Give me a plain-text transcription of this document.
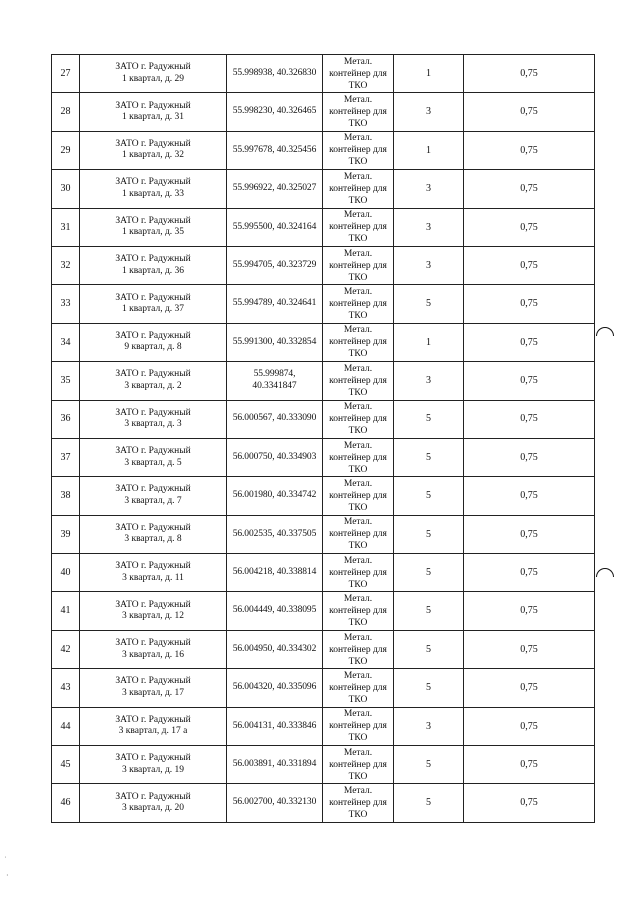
27	ЗАТО г. Радужный
1 квартал, д. 29	55.998938, 40.326830	Метал.
контейнер для
ТКО	1	0,75
28	ЗАТО г. Радужный
1 квартал, д. 31	55.998230, 40.326465	Метал.
контейнер для
ТКО	3	0,75
29	ЗАТО г. Радужный
1 квартал, д. 32	55.997678, 40.325456	Метал.
контейнер для
ТКО	1	0,75
30	ЗАТО г. Радужный
1 квартал, д. 33	55.996922, 40.325027	Метал.
контейнер для
ТКО	3	0,75
31	ЗАТО г. Радужный
1 квартал, д. 35	55.995500, 40.324164	Метал.
контейнер для
ТКО	3	0,75
32	ЗАТО г. Радужный
1 квартал, д. 36	55.994705, 40.323729	Метал.
контейнер для
ТКО	3	0,75
33	ЗАТО г. Радужный
1 квартал, д. 37	55.994789, 40.324641	Метал.
контейнер для
ТКО	5	0,75
34	ЗАТО г. Радужный
9 квартал, д. 8	55.991300, 40.332854	Метал.
контейнер для
ТКО	1	0,75
35	ЗАТО г. Радужный
3 квартал, д. 2	55.999874,
40.3341847	Метал.
контейнер для
ТКО	3	0,75
36	ЗАТО г. Радужный
3 квартал, д. 3	56.000567, 40.333090	Метал.
контейнер для
ТКО	5	0,75
37	ЗАТО г. Радужный
3 квартал, д. 5	56.000750, 40.334903	Метал.
контейнер для
ТКО	5	0,75
38	ЗАТО г. Радужный
3 квартал, д. 7	56.001980, 40.334742	Метал.
контейнер для
ТКО	5	0,75
39	ЗАТО г. Радужный
3 квартал, д. 8	56.002535, 40.337505	Метал.
контейнер для
ТКО	5	0,75
40	ЗАТО г. Радужный
3 квартал, д. 11	56.004218, 40.338814	Метал.
контейнер для
ТКО	5	0,75
41	ЗАТО г. Радужный
3 квартал, д. 12	56.004449, 40.338095	Метал.
контейнер для
ТКО	5	0,75
42	ЗАТО г. Радужный
3 квартал, д. 16	56.004950, 40.334302	Метал.
контейнер для
ТКО	5	0,75
43	ЗАТО г. Радужный
3 квартал, д. 17	56.004320, 40.335096	Метал.
контейнер для
ТКО	5	0,75
44	ЗАТО г. Радужный
3 квартал, д. 17 а	56.004131, 40.333846	Метал.
контейнер для
ТКО	3	0,75
45	ЗАТО г. Радужный
3 квартал, д. 19	56.003891, 40.331894	Метал.
контейнер для
ТКО	5	0,75
46	ЗАТО г. Радужный
3 квартал, д. 20	56.002700, 40.332130	Метал.
контейнер для
ТКО	5	0,75
˙
·
